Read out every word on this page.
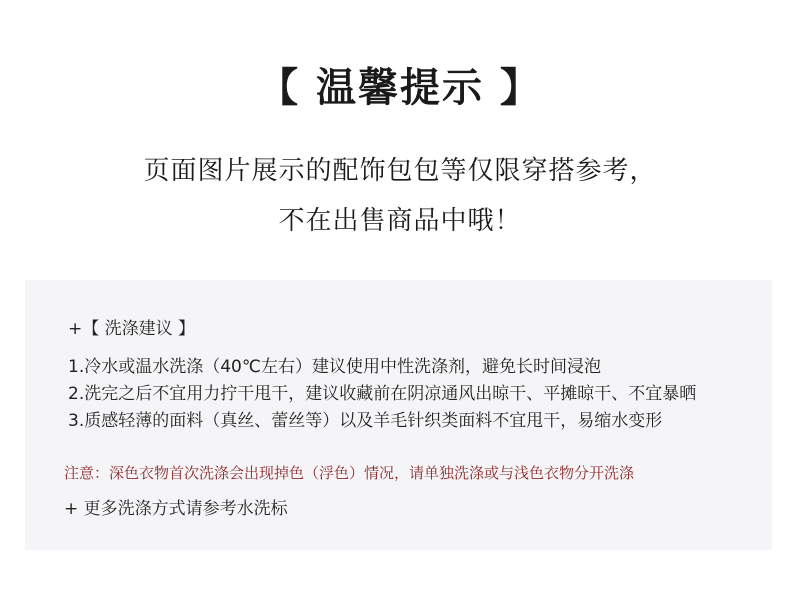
【 温馨提示 】
页面图片展示的配饰包包等仅限穿搭参考，
不在出售商品中哦！
+【 洗涤建议 】
1.冷水或温水洗涤（40℃左右）建议使用中性洗涤剂，避免长时间浸泡
2.洗完之后不宜用力拧干甩干，建议收藏前在阴凉通风出晾干、平摊晾干、不宜暴晒
3.质感轻薄的面料（真丝、蕾丝等）以及羊毛针织类面料不宜甩干，易缩水变形
注意：深色衣物首次洗涤会出现掉色（浮色）情况，请单独洗涤或与浅色衣物分开洗涤
+ 更多洗涤方式请参考水洗标
